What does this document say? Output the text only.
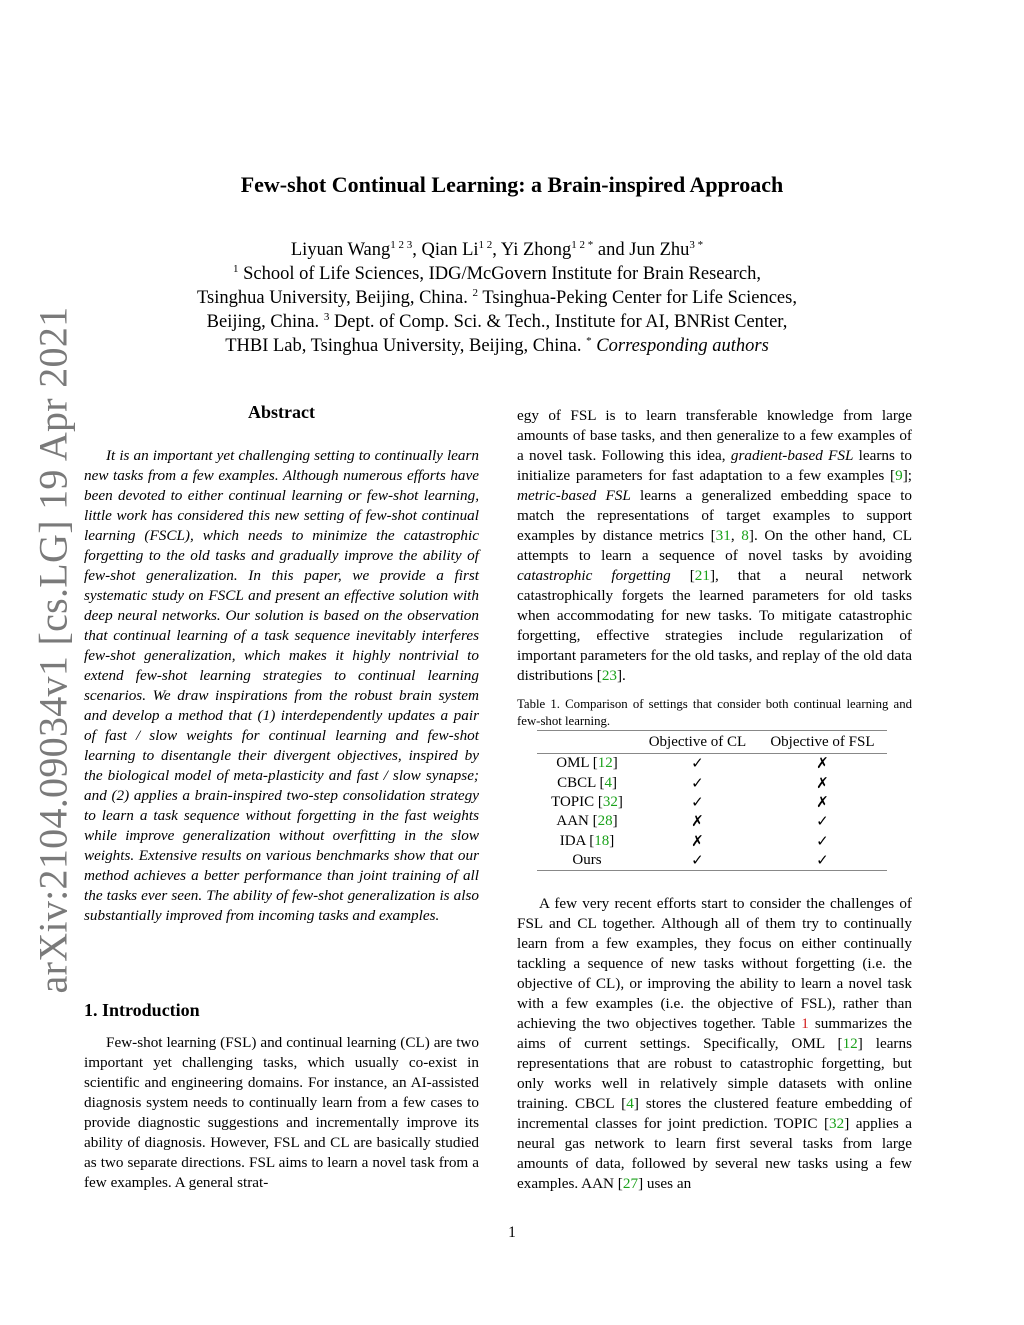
arXiv:2104.09034v1 [cs.LG] 19 Apr 2021
Few-shot Continual Learning: a Brain-inspired Approach
Liyuan Wang$^{1 2 3}$, Qian $Li^{1 2}$, Yi Zhong$^{1 2 *}$ and Jun Zhu$^{3 *}$
$^1$ School of Life Sciences, IDG/McGovern Institute for Brain Research,
Tsinghua University, Beijing, China. $^2$ Tsinghua-Peking Center for Life Sciences,
Beijing, China. $^3$ Dept. of Comp. Sci. & Tech., Institute for AI, BNRist Center,
THBI Lab, Tsinghua University, Beijing, China. * Corresponding authors
Abstract

It is an important yet challenging setting to continually learn new tasks from a few examples. Although numerous efforts have been devoted to either continual learning or few-shot learning, little work has considered this new setting of few-shot continual learning (FSCL), which needs to minimize the catastrophic forgetting to the old tasks and gradually improve the ability of few-shot generalization. In this paper, we provide a first systematic study on FSCL and present an effective solution with deep neural networks. Our solution is based on the observation that continual learning of a task sequence inevitably interferes few-shot generalization, which makes it highly nontrivial to extend few-shot learning strategies to continual learning scenarios. We draw inspirations from the robust brain system and develop a method that (1) interdependently updates a pair of fast / slow weights for continual learning and few-shot learning to disentangle their divergent objectives, inspired by the biological model of meta-plasticity and fast / slow synapse; and (2) applies a brain-inspired two-step consolidation strategy to learn a task sequence without forgetting in the fast weights while improve generalization without overfitting in the slow weights. Extensive results on various benchmarks show that our method achieves a better performance than joint training of all the tasks ever seen. The ability of few-shot generalization is also substantially improved from incoming tasks and examples.

1. Introduction

Few-shot learning (FSL) and continual learning (CL) are two important yet challenging tasks, which usually co-exist in scientific and engineering domains. For instance, an AI-assisted diagnosis system needs to continually learn from a few cases to provide diagnostic suggestions and incrementally improve its ability of diagnosis. However, FSL and CL are basically studied as two separate directions. FSL aims to learn a novel task from a few examples. A general strat-

egy of FSL is to learn transferable knowledge from large amounts of base tasks, and then generalize to a few examples of a novel task. Following this idea, gradient-based FSL learns to initialize parameters for fast adaptation to a few examples [9]; metric-based FSL learns a generalized embedding space to match the representations of target examples to support examples by distance metrics [31, 8]. On the other hand, CL attempts to learn a sequence of novel tasks by avoiding catastrophic forgetting [21], that a neural network catastrophically forgets the learned parameters for old tasks when accommodating for new tasks. To mitigate catastrophic forgetting, effective strategies include regularization of important parameters for the old tasks, and replay of the old data distributions [23].

Table 1. Comparison of settings that consider both continual learning and few-shot learning.
	Objective of CL	Objective of FSL
OML [12]	✓	✗
CBCL [4]	✓	✗
TOPIC [32]	✓	✗
AAN [28]	✗	✓
IDA [18]	✗	✓
Ours	✓	✓

A few very recent efforts start to consider the challenges of FSL and CL together. Although all of them try to continually learn from a few examples, they focus on either continually tackling a sequence of new tasks without forgetting (i.e. the objective of CL), or improving the ability to learn a novel task with a few examples (i.e. the objective of FSL), rather than achieving the two objectives together. Table 1 summarizes the aims of current settings. Specifically, OML [12] learns representations that are robust to catastrophic forgetting, but only works well in relatively simple datasets with online training. CBCL [4] stores the clustered feature embedding of incremental classes for joint prediction. TOPIC [32] applies a neural gas network to learn first several tasks from large amounts of data, followed by several new tasks using a few examples. AAN [27] uses an

1
